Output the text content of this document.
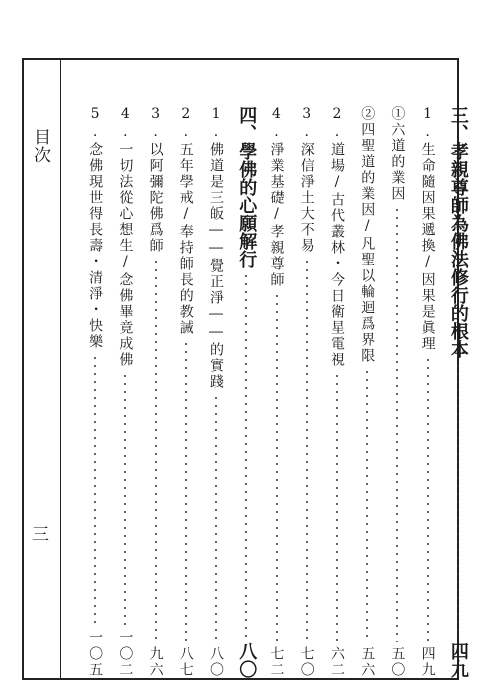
目次
三
三、孝親尊師為佛法修行的根本
四九
1.生命隨因果遞換/因果是眞理
四九
①六道的業因
五〇
②四聖道的業因/凡聖以輪迴爲界限
五六
2.道場/古代叢林・今日衛星電視
六二
3.深信淨土大不易
七〇
4.淨業基礎/孝親尊師
七二
四、學佛的心願解行
八〇
1.佛道是三皈――覺正淨――的實踐
八〇
2.五年學戒/奉持師長的教誡
八七
3.以阿彌陀佛爲師
九六
4.一切法從心想生/念佛畢竟成佛
一〇二
5.念佛現世得長壽・清淨・快樂
一〇五
